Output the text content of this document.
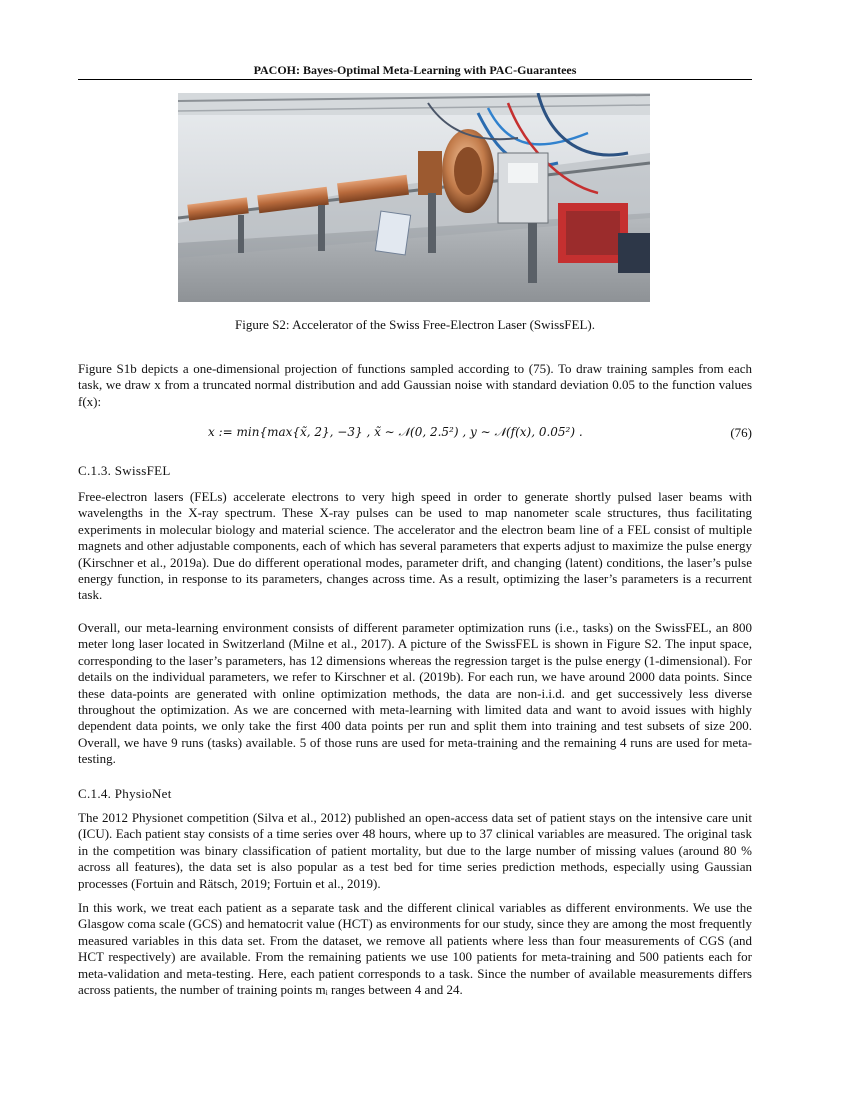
PACOH: Bayes-Optimal Meta-Learning with PAC-Guarantees
Figure S2: Accelerator of the Swiss Free-Electron Laser (SwissFEL).

Figure S1b depicts a one-dimensional projection of functions sampled according to (75). To draw training samples from each task, we draw x from a truncated normal distribution and add Gaussian noise with standard deviation 0.05 to the function values f(x):

x := min{max{x̃, 2}, −3} , x̃ ∼ 𝒩(0, 2.5²) , y ∼ 𝒩(f(x), 0.05²) .	(76)
C.1.3. SwissFEL

Free-electron lasers (FELs) accelerate electrons to very high speed in order to generate shortly pulsed laser beams with wavelengths in the X-ray spectrum. These X-ray pulses can be used to map nanometer scale structures, thus facilitating experiments in molecular biology and material science. The accelerator and the electron beam line of a FEL consist of multiple magnets and other adjustable components, each of which has several parameters that experts adjust to maximize the pulse energy (Kirschner et al., 2019a). Due do different operational modes, parameter drift, and changing (latent) conditions, the laser’s pulse energy function, in response to its parameters, changes across time. As a result, optimizing the laser’s parameters is a recurrent task.

Overall, our meta-learning environment consists of different parameter optimization runs (i.e., tasks) on the SwissFEL, an 800 meter long laser located in Switzerland (Milne et al., 2017). A picture of the SwissFEL is shown in Figure S2. The input space, corresponding to the laser’s parameters, has 12 dimensions whereas the regression target is the pulse energy (1-dimensional). For details on the individual parameters, we refer to Kirschner et al. (2019b). For each run, we have around 2000 data points. Since these data-points are generated with online optimization methods, the data are non-i.i.d. and get successively less diverse throughout the optimization. As we are concerned with meta-learning with limited data and want to avoid issues with highly dependent data points, we only take the first 400 data points per run and split them into training and test subsets of size 200. Overall, we have 9 runs (tasks) available. 5 of those runs are used for meta-training and the remaining 4 runs are used for meta-testing.

C.1.4. PhysioNet

The 2012 Physionet competition (Silva et al., 2012) published an open-access data set of patient stays on the intensive care unit (ICU). Each patient stay consists of a time series over 48 hours, where up to 37 clinical variables are measured. The original task in the competition was binary classification of patient mortality, but due to the large number of missing values (around 80 % across all features), the data set is also popular as a test bed for time series prediction methods, especially using Gaussian processes (Fortuin and Rätsch, 2019; Fortuin et al., 2019).

In this work, we treat each patient as a separate task and the different clinical variables as different environments. We use the Glasgow coma scale (GCS) and hematocrit value (HCT) as environments for our study, since they are among the most frequently measured variables in this data set. From the dataset, we remove all patients where less than four measurements of CGS (and HCT respectively) are available. From the remaining patients we use 100 patients for meta-training and 500 patients each for meta-validation and meta-testing. Here, each patient corresponds to a task. Since the number of available measurements differs across patients, the number of training points mᵢ ranges between 4 and 24.
